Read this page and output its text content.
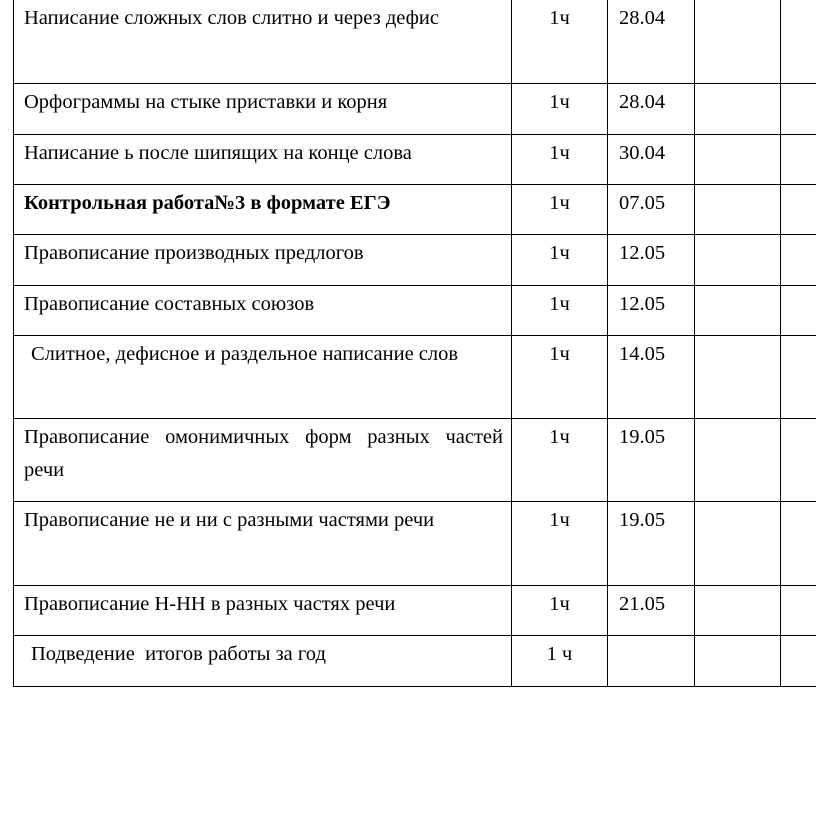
Написание сложных слов слитно и через дефис	1ч	28.04		
Орфограммы на стыке приставки и корня	1ч	28.04		
Написание ь после шипящих на конце слова	1ч	30.04		
Контрольная работа№3 в формате ЕГЭ	1ч	07.05		
Правописание производных предлогов	1ч	12.05		
Правописание составных союзов	1ч	12.05		
Слитное, дефисное и раздельное написание слов	1ч	14.05		
Правописание омонимичных форм разных частей речи	1ч	19.05		
Правописание не и ни с разными частями речи	1ч	19.05		
Правописание Н-НН в разных частях речи	1ч	21.05		
Подведение  итогов работы за год	1 ч			
